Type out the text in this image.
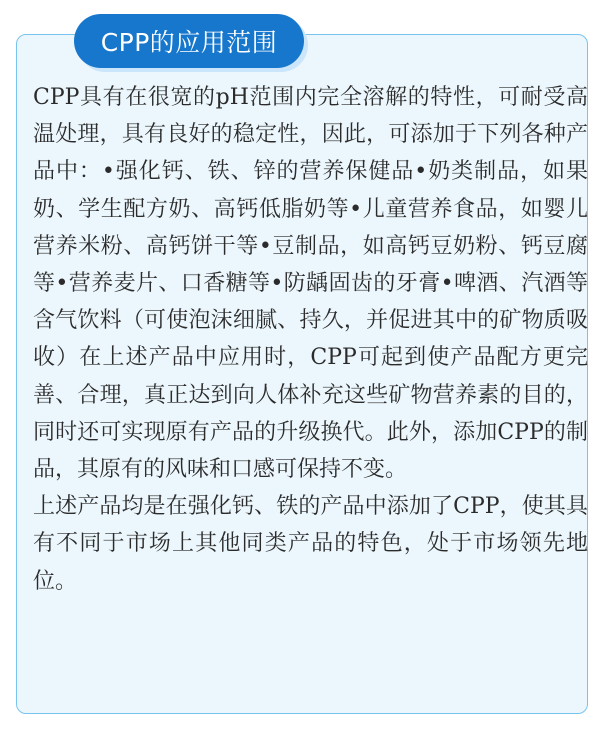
CPP的应用范围

CPP具有在很宽的pH范围内完全溶解的特性，可耐受高温处理，具有良好的稳定性，因此，可添加于下列各种产品中：•强化钙、铁、锌的营养保健品•奶类制品，如果奶、学生配方奶、高钙低脂奶等•儿童营养食品，如婴儿营养米粉、高钙饼干等•豆制品，如高钙豆奶粉、钙豆腐等•营养麦片、口香糖等•防龋固齿的牙膏•啤酒、汽酒等含气饮料（可使泡沫细腻、持久，并促进其中的矿物质吸收）在上述产品中应用时，CPP可起到使产品配方更完善、合理，真正达到向人体补充这些矿物营养素的目的，同时还可实现原有产品的升级换代。此外，添加CPP的制品，其原有的风味和口感可保持不变。

上述产品均是在强化钙、铁的产品中添加了CPP，使其具有不同于市场上其他同类产品的特色，处于市场领先地位。
